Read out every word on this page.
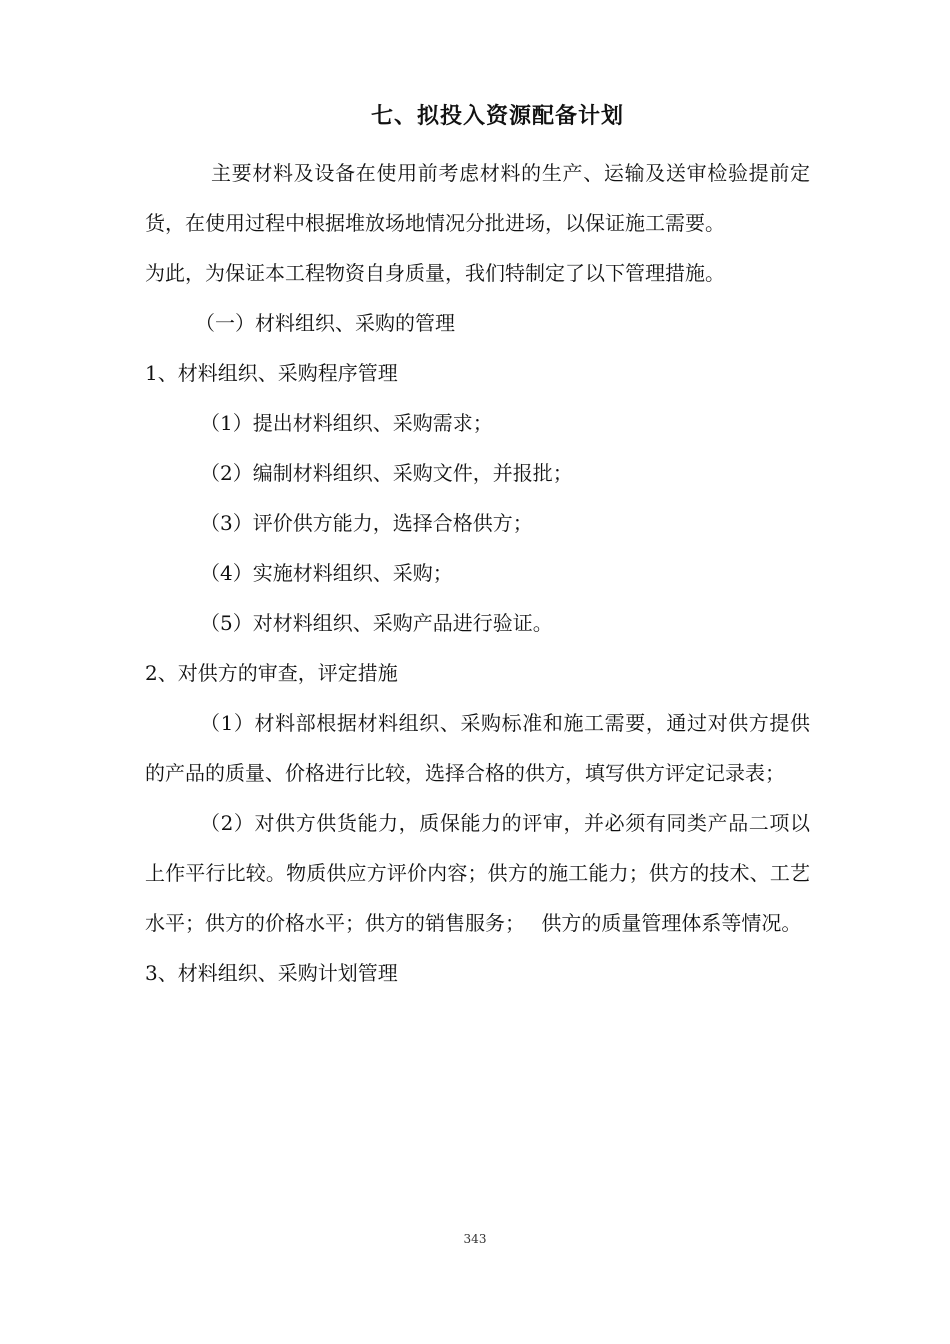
七、拟投入资源配备计划

主要材料及设备在使用前考虑材料的生产、运输及送审检验提前定货，在使用过程中根据堆放场地情况分批进场，以保证施工需要。

为此，为保证本工程物资自身质量，我们特制定了以下管理措施。

（一）材料组织、采购的管理

1、材料组织、采购程序管理

（1）提出材料组织、采购需求；

（2）编制材料组织、采购文件，并报批；

（3）评价供方能力，选择合格供方；

（4）实施材料组织、采购；

（5）对材料组织、采购产品进行验证。

2、对供方的审查，评定措施

（1）材料部根据材料组织、采购标准和施工需要，通过对供方提供的产品的质量、价格进行比较，选择合格的供方，填写供方评定记录表；

（2）对供方供货能力，质保能力的评审，并必须有同类产品二项以上作平行比较。物质供应方评价内容；供方的施工能力；供方的技术、工艺水平；供方的价格水平；供方的销售服务；　 供方的质量管理体系等情况。

3、材料组织、采购计划管理

343
